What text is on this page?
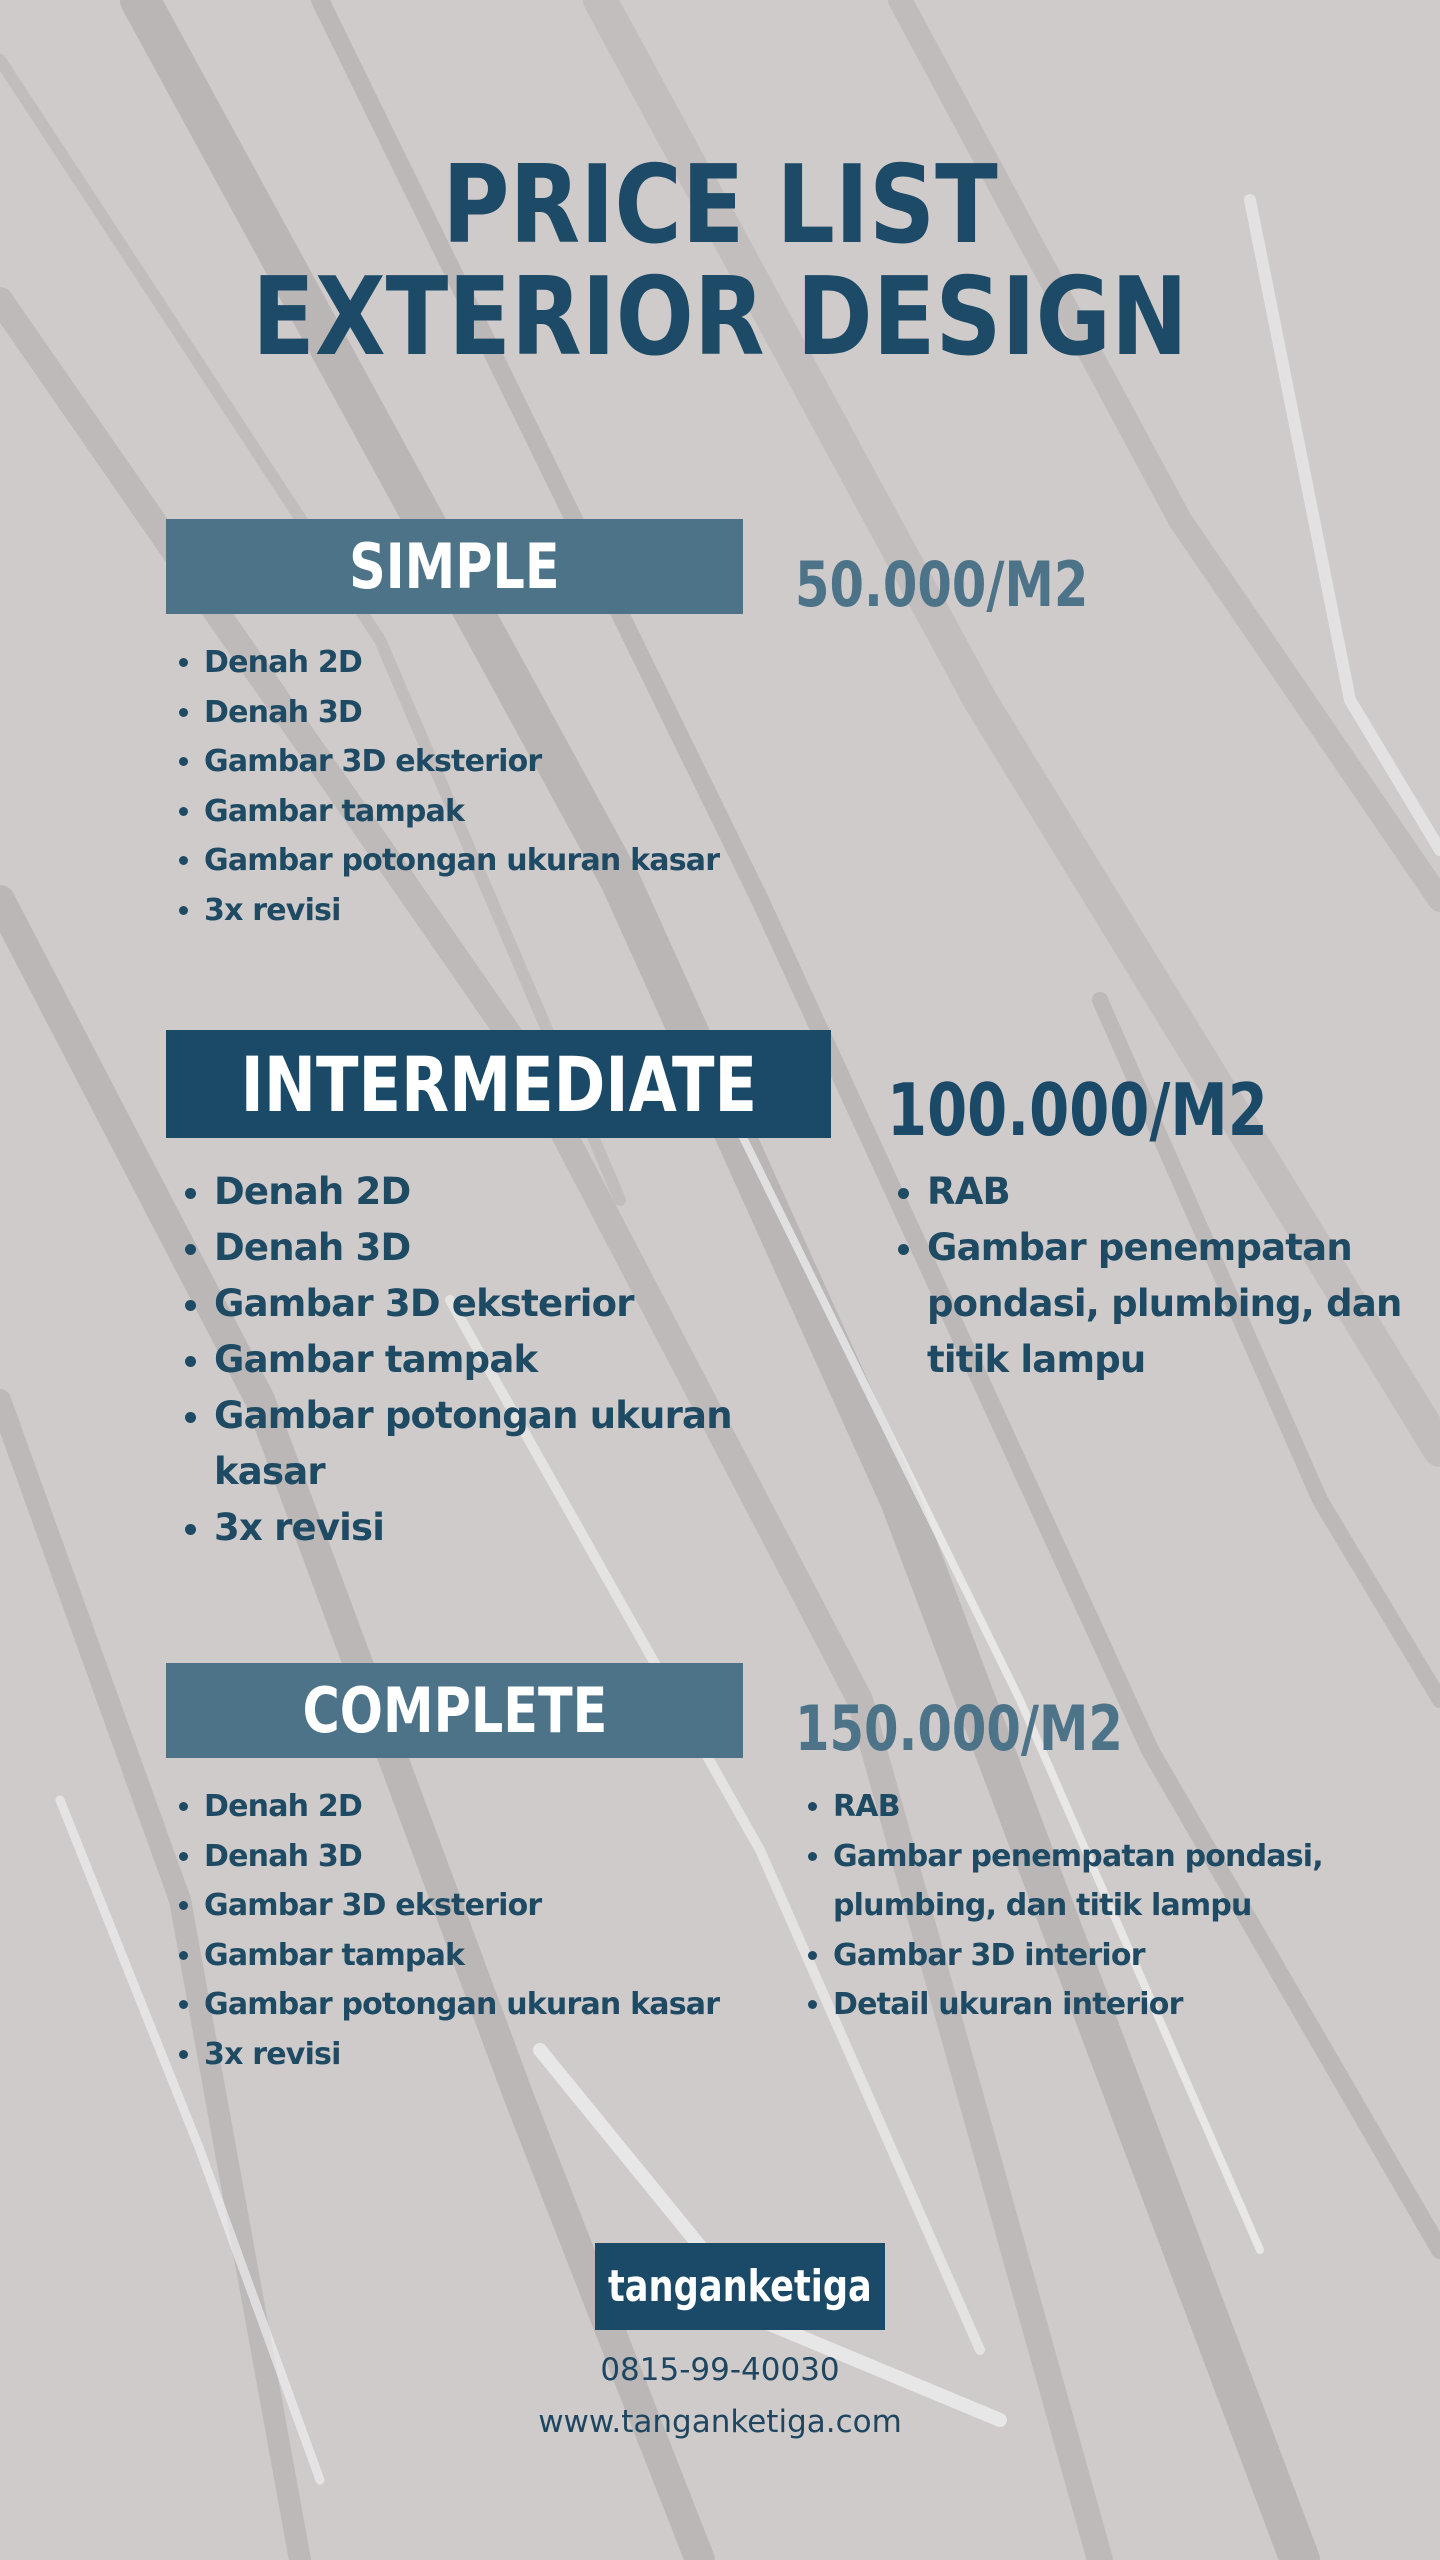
PRICE LIST
EXTERIOR DESIGN
SIMPLE	50.000/M2
• Denah 2D
• Denah 3D
• Gambar 3D eksterior
• Gambar tampak
• Gambar potongan ukuran kasar
• 3x revisi
INTERMEDIATE 100.000/M2
• Denah 2D
• Denah 3D
• Gambar 3D eksterior
• Gambar tampak
• Gambar potongan ukuran kasar
• 3x revisi
• RAB
• Gambar penempatan pondasi, plumbing, dan titik lampu
COMPLETE	150.000/M2
• Denah 2D
• Denah 3D
• Gambar 3D eksterior
• Gambar tampak
• Gambar potongan ukuran kasar
• 3x revisi
• RAB
• Gambar penempatan pondasi, plumbing, dan titik lampu
• Gambar 3D interior
• Detail ukuran interior
tanganketiga
0815-99-40030
www.tanganketiga.com
